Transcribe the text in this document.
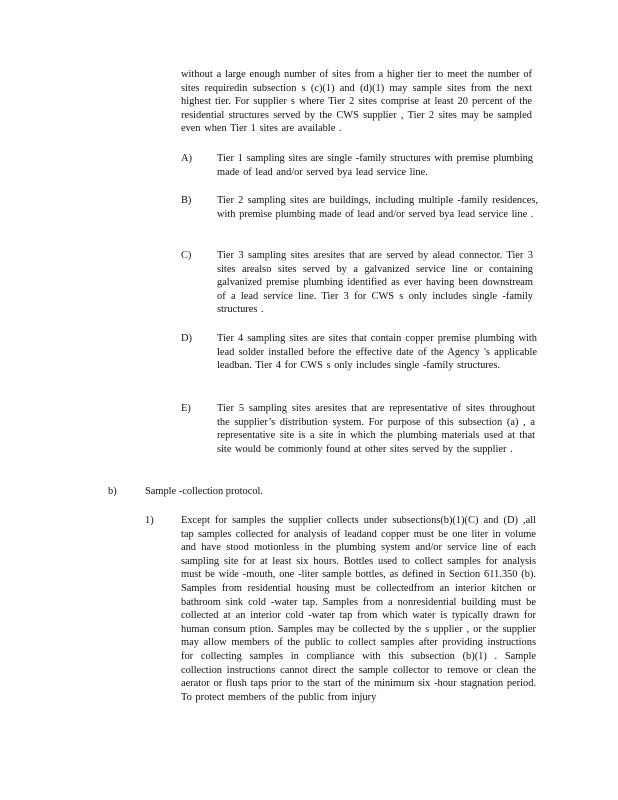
without a large enough number of sites from a higher tier to meet the number of sites requiredin subsection s (c)(1) and (d)(1) may sample sites from the next highest tier. For supplier s where Tier 2 sites comprise at least 20 percent of the residential structures served by the CWS supplier , Tier 2 sites may be sampled even when Tier 1 sites are available .
A) Tier 1 sampling sites are single -family structures with premise plumbing made of lead and/or served bya lead service line.
B) Tier 2 sampling sites are buildings, including multiple -family residences, with premise plumbing made of lead and/or served bya lead service line .
C) Tier 3 sampling sites aresites that are served by alead connector. Tier 3 sites arealso sites served by a galvanized service line or containing galvanized premise plumbing identified as ever having been downstream of a lead service line. Tier 3 for CWS s only includes single -family structures .
D) Tier 4 sampling sites are sites that contain copper premise plumbing with lead solder installed before the effective date of the Agency 's applicable leadban. Tier 4 for CWS s only includes single -family structures.
E)	Tier 5 sampling sites aresites that are representative of sites throughout the supplier’s distribution system. For purpose of this subsection (a) , a representative site is a site in which the plumbing materials used at that site would be commonly found at other sites served by the supplier .
b)	Sample -collection protocol.
1)	Except for samples the supplier collects under subsections(b)(1)(C) and (D) ,all tap samples collected for analysis of leadand copper must be one liter in volume and have stood motionless in the plumbing system and/or service line of each sampling site for at least six hours. Bottles used to collect samples for analysis must be wide -mouth, one -liter sample bottles, as defined in Section 611.350 (b). Samples from residential housing must be collectedfrom an interior kitchen or bathroom sink cold -water tap. Samples from a nonresidential building must be collected at an interior cold -water tap from which water is typically drawn for human consum ption. Samples may be collected by the s upplier , or the supplier may allow members of the public to collect samples after providing instructions for collecting samples in compliance with this subsection (b)(1) . Sample collection instructions cannot direct the sample collector to remove or clean the aerator or flush taps prior to the start of the minimum six -hour stagnation period. To protect members of the public from injury
